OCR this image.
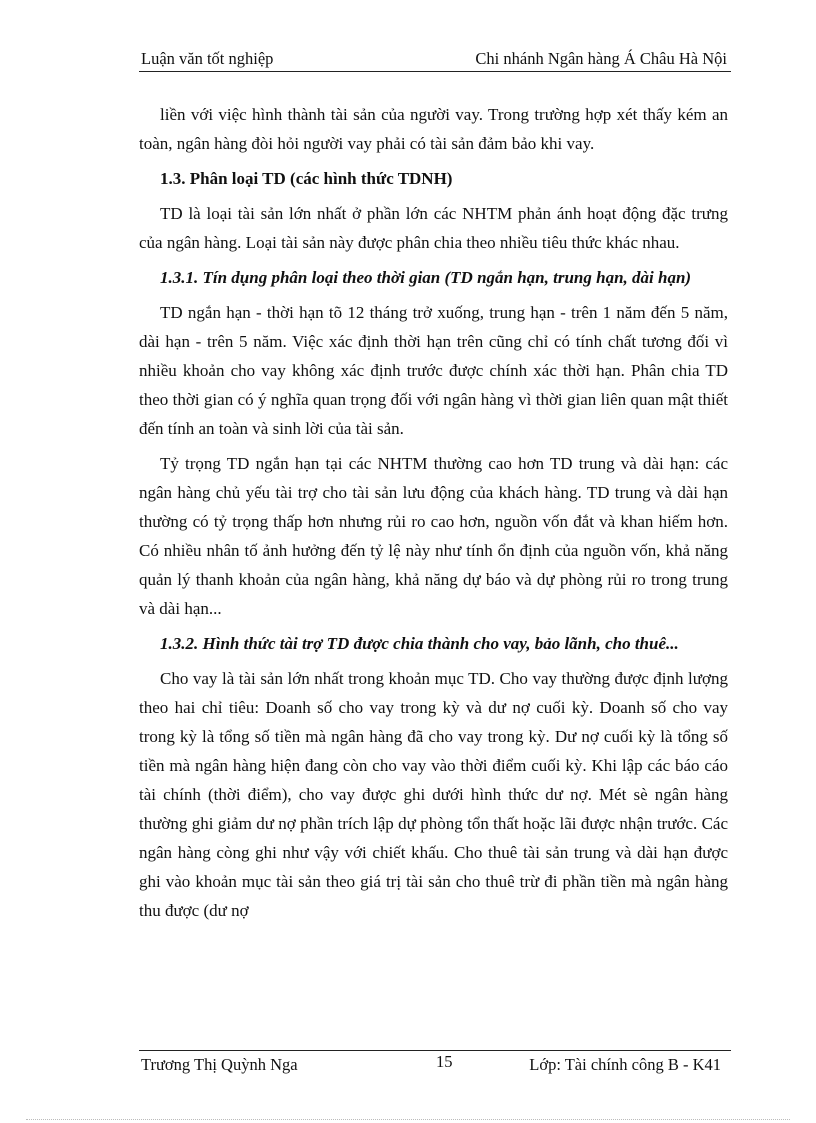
Luận văn tốt nghiệp	Chi nhánh Ngân hàng Á Châu Hà Nội

liền với việc hình thành tài sản của người vay. Trong trường hợp xét thấy kém an toàn, ngân hàng đòi hỏi người vay phải có tài sản đảm bảo khi vay.

1.3. Phân loại TD (các hình thức TDNH)

TD là loại tài sản lớn nhất ở phần lớn các NHTM phản ánh hoạt động đặc trưng của ngân hàng. Loại tài sản này được phân chia theo nhiều tiêu thức khác nhau.

1.3.1. Tín dụng phân loại theo thời gian (TD ngắn hạn, trung hạn, dài hạn)

TD ngắn hạn - thời hạn tõ 12 tháng trở xuống, trung hạn - trên 1 năm đến 5 năm, dài hạn - trên 5 năm. Việc xác định thời hạn trên cũng chỉ có tính chất tương đối vì nhiều khoản cho vay không xác định trước được chính xác thời hạn. Phân chia TD theo thời gian có ý nghĩa quan trọng đối với ngân hàng vì thời gian liên quan mật thiết đến tính an toàn và sinh lời của tài sản.

Tỷ trọng TD ngắn hạn tại các NHTM thường cao hơn TD trung và dài hạn: các ngân hàng chủ yếu tài trợ cho tài sản lưu động của khách hàng. TD trung và dài hạn thường có tỷ trọng thấp hơn nhưng rủi ro cao hơn, nguồn vốn đắt và khan hiếm hơn. Có nhiều nhân tố ảnh hưởng đến tỷ lệ này như tính ổn định của nguồn vốn, khả năng quản lý thanh khoản của ngân hàng, khả năng dự báo và dự phòng rủi ro trong trung và dài hạn...

1.3.2. Hình thức tài trợ TD được chia thành cho vay, bảo lãnh, cho thuê...

Cho vay là tài sản lớn nhất trong khoản mục TD. Cho vay thường được định lượng theo hai chỉ tiêu: Doanh số cho vay trong kỳ và dư nợ cuối kỳ. Doanh số cho vay trong kỳ là tổng số tiền mà ngân hàng đã cho vay trong kỳ. Dư nợ cuối kỳ là tổng số tiền mà ngân hàng hiện đang còn cho vay vào thời điểm cuối kỳ. Khi lập các báo cáo tài chính (thời điểm), cho vay được ghi dưới hình thức dư nợ. Mét sè ngân hàng thường ghi giảm dư nợ phần trích lập dự phòng tổn thất hoặc lãi được nhận trước. Các ngân hàng còng ghi như vậy với chiết khấu. Cho thuê tài sản trung và dài hạn được ghi vào khoản mục tài sản theo giá trị tài sản cho thuê trừ đi phần tiền mà ngân hàng thu được (dư nợ

Trương Thị Quỳnh Nga	15	Lớp: Tài chính công B - K41
